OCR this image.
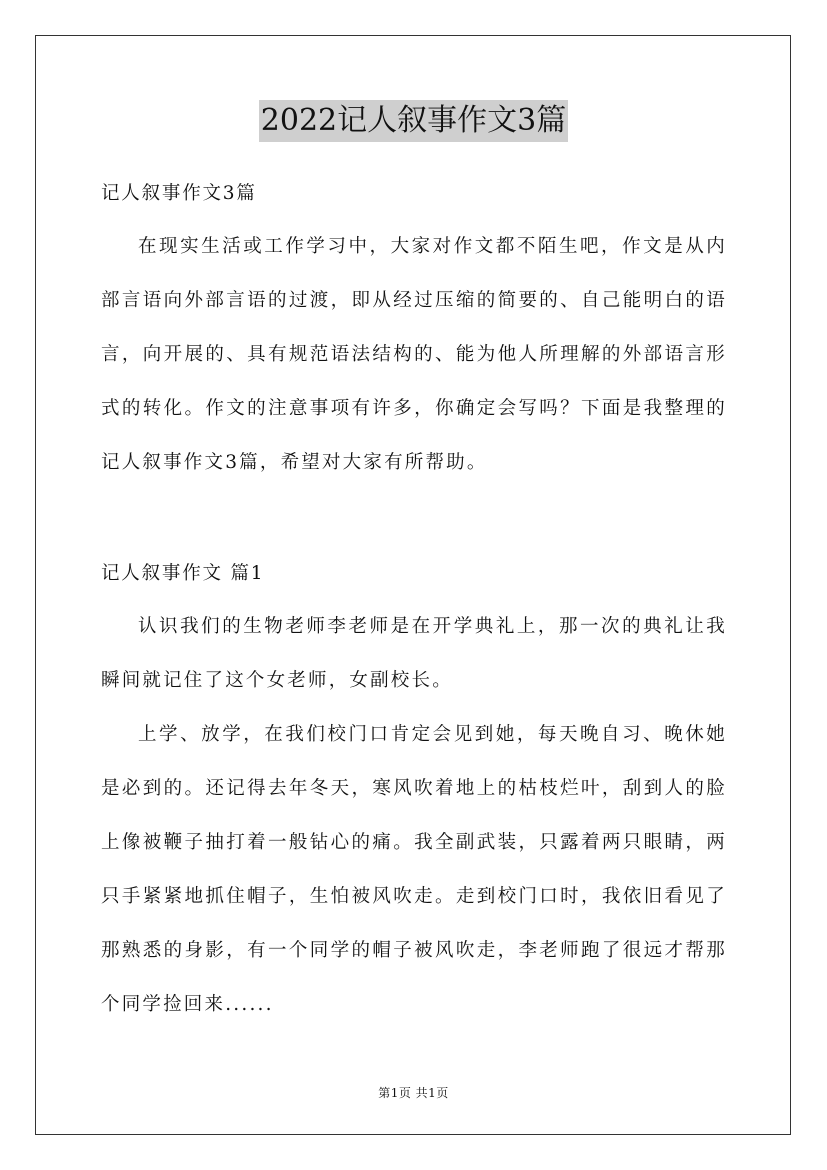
2022记人叙事作文3篇
记人叙事作文3篇

在现实生活或工作学习中，大家对作文都不陌生吧，作文是从内部言语向外部言语的过渡，即从经过压缩的简要的、自己能明白的语言，向开展的、具有规范语法结构的、能为他人所理解的外部语言形式的转化。作文的注意事项有许多，你确定会写吗？下面是我整理的记人叙事作文3篇，希望对大家有所帮助。

记人叙事作文 篇1

认识我们的生物老师李老师是在开学典礼上，那一次的典礼让我瞬间就记住了这个女老师，女副校长。

上学、放学，在我们校门口肯定会见到她，每天晚自习、晚休她是必到的。还记得去年冬天，寒风吹着地上的枯枝烂叶，刮到人的脸上像被鞭子抽打着一般钻心的痛。我全副武装，只露着两只眼睛，两只手紧紧地抓住帽子，生怕被风吹走。走到校门口时，我依旧看见了那熟悉的身影，有一个同学的帽子被风吹走，李老师跑了很远才帮那个同学捡回来......

第1页 共1页
